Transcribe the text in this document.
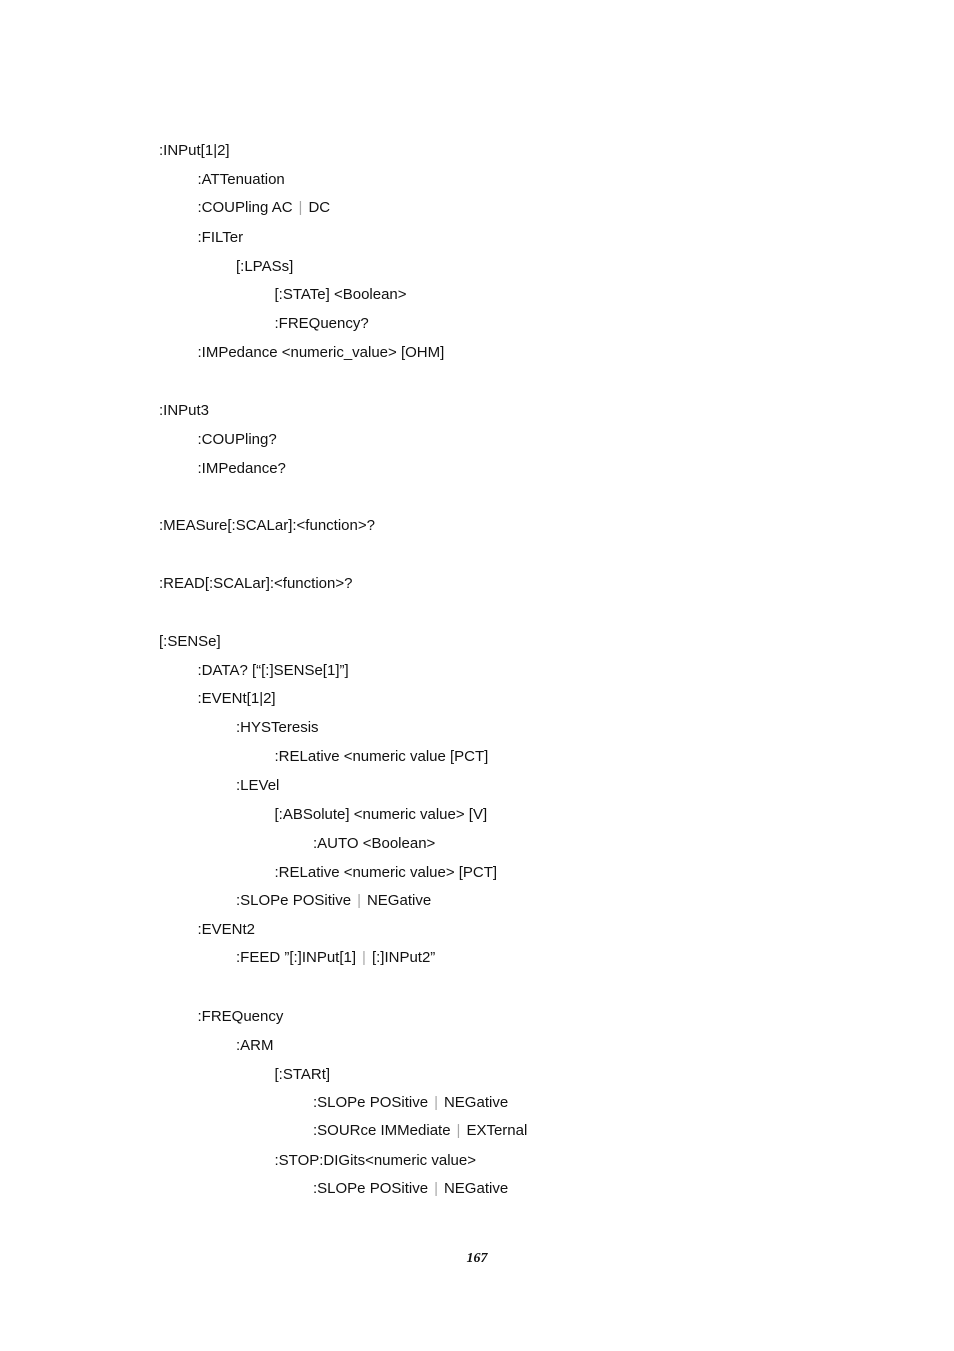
:INPut[1|2]
:ATTenuation
:COUPling AC | DC
:FILTer
[:LPASs]
[:STATe] <Boolean>
:FREQuency?
:IMPedance <numeric_value> [OHM]
:INPut3
:COUPling?
:IMPedance?
:MEASure[:SCALar]:<function>?
:READ[:SCALar]:<function>?
[:SENSe]
:DATA? [“[:]SENSe[1]”]
:EVENt[1|2]
:HYSTeresis
:RELative <numeric value [PCT]
:LEVel
[:ABSolute] <numeric value> [V]
:AUTO <Boolean>
:RELative <numeric value> [PCT]
:SLOPe POSitive | NEGative
:EVENt2
:FEED ”[:]INPut[1] | [:]INPut2”
:FREQuency
:ARM
[:STARt]
:SLOPe POSitive | NEGative
:SOURce IMMediate | EXTernal
:STOP:DIGits<numeric value>
:SLOPe POSitive | NEGative
167
